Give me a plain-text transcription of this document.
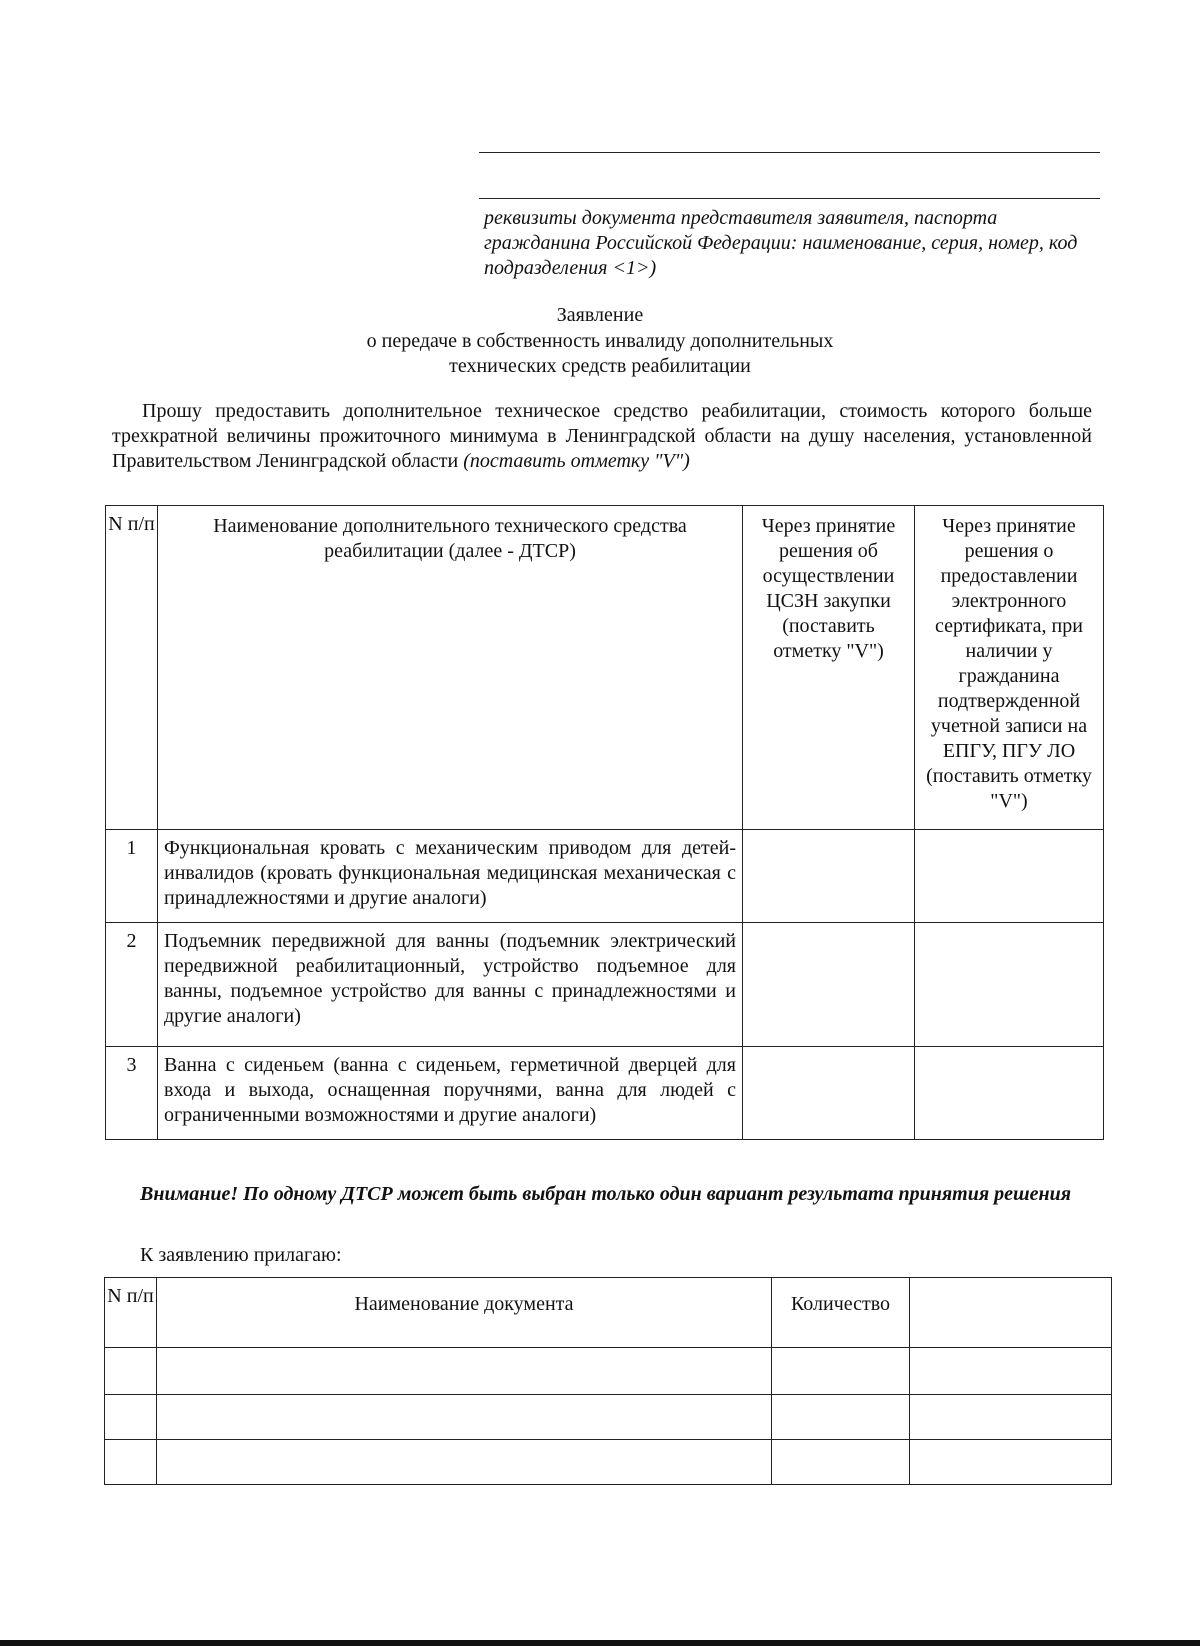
реквизиты документа представителя заявителя, паспорта гражданина Российской Федерации: наименование, серия, номер, код подразделения <1>)
Заявление
о передаче в собственность инвалиду дополнительных
технических средств реабилитации
Прошу предоставить дополнительное техническое средство реабилитации, стоимость которого больше трехкратной величины прожиточного минимума в Ленинградской области на душу населения, установленной Правительством Ленинградской области (поставить отметку "V")
N п/п	Наименование дополнительного технического средства реабилитации (далее - ДТСР)	Через принятие решения об осуществлении ЦСЗН закупки (поставить отметку "V")	Через принятие решения о предоставлении электронного сертификата, при наличии у гражданина подтвержденной учетной записи на ЕПГУ, ПГУ ЛО (поставить отметку "V")
1	Функциональная кровать с механическим приводом для детей-инвалидов (кровать функциональная медицинская механическая с принадлежностями и другие аналоги)		
2	Подъемник передвижной для ванны (подъемник электрический передвижной реабилитационный, устройство подъемное для ванны, подъемное устройство для ванны с принадлежностями и другие аналоги)		
3	Ванна с сиденьем (ванна с сиденьем, герметичной дверцей для входа и выхода, оснащенная поручнями, ванна для людей с ограниченными возможностями и другие аналоги)		
Внимание! По одному ДТСР может быть выбран только один вариант результата принятия решения
К заявлению прилагаю:
N п/п	Наименование документа	Количество	
